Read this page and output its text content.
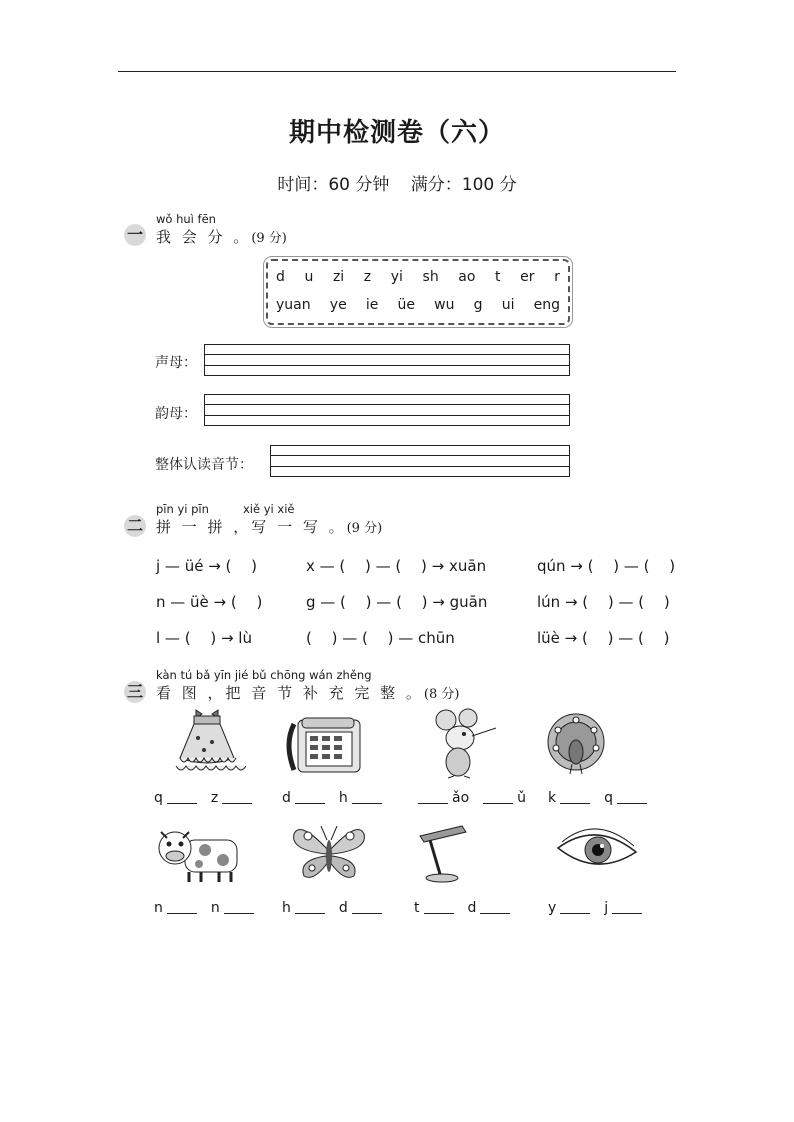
期中检测卷（六）
时间：60 分钟 满分：100 分
wǒ huì fēn
一 我 会 分 。(9 分)
d u zi z yi sh ao t er r
yuan ye ie üe wu g ui eng
声母：
韵母：
整体认读音节：
pīn yi pīn	xiě yi xiě
二 拼 一 拼 ，写 一 写 。(9 分)
j — üé → (　 )	x — (　 ) — (　 ) → xuān	qún → (　 ) — (　 )
n — üè → (　 )	g — (　 ) — (　 ) → guān	lún → (　 ) — (　 )
l — (　 ) → lù	(　 ) — (　 ) — chūn	lüè → (　 ) — (　 )
kàn tú bǎ yīn jié bǔ chōng wán zhěng
三 看 图 ，把 音 节 补 充 完 整 。(8 分)
q	z	d	h	ǎo	ǔ k	q
n	n	h	d	t	d	y	j
